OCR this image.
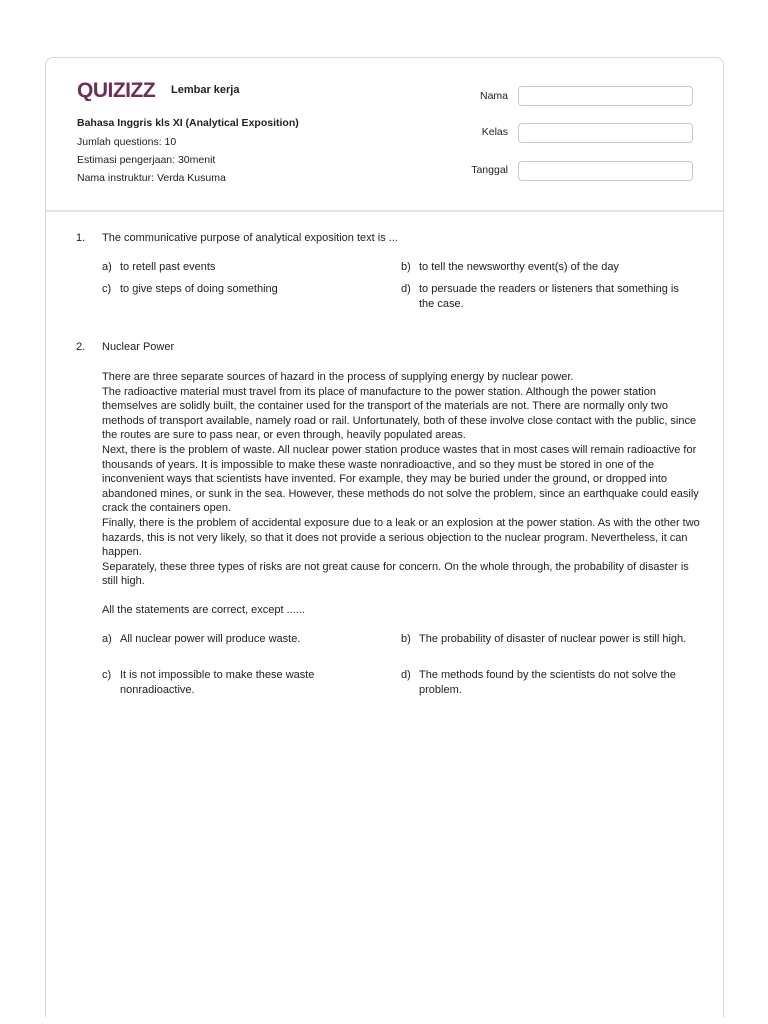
QUIZIZZ Lembar kerja
Bahasa Inggris kls XI (Analytical Exposition)
Jumlah questions: 10
Estimasi pengerjaan: 30menit
Nama instruktur: Verda Kusuma
Nama
Kelas
Tanggal
1. The communicative purpose of analytical exposition text is ...
a) to retell past events	b) to tell the newsworthy event(s) of the day
c) to give steps of doing something	d) to persuade the readers or listeners that something is the case.
2. Nuclear Power

There are three separate sources of hazard in the process of supplying energy by nuclear power.

The radioactive material must travel from its place of manufacture to the power station. Although the power station themselves are solidly built, the container used for the transport of the materials are not. There are normally only two methods of transport available, namely road or rail. Unfortunately, both of these involve close contact with the public, since the routes are sure to pass near, or even through, heavily populated areas.

Next, there is the problem of waste. All nuclear power station produce wastes that in most cases will remain radioactive for thousands of years. It is impossible to make these waste nonradioactive, and so they must be stored in one of the inconvenient ways that scientists have invented. For example, they may be buried under the ground, or dropped into abandoned mines, or sunk in the sea. However, these methods do not solve the problem, since an earthquake could easily crack the containers open.

Finally, there is the problem of accidental exposure due to a leak or an explosion at the power station. As with the other two hazards, this is not very likely, so that it does not provide a serious objection to the nuclear program. Nevertheless, it can happen.

Separately, these three types of risks are not great cause for concern. On the whole through, the probability of disaster is still high.

All the statements are correct, except ......
a) All nuclear power will produce waste.	b) The probability of disaster of nuclear power is still high.
c) It is not impossible to make these waste nonradioactive.
d) The methods found by the scientists do not solve the problem.
